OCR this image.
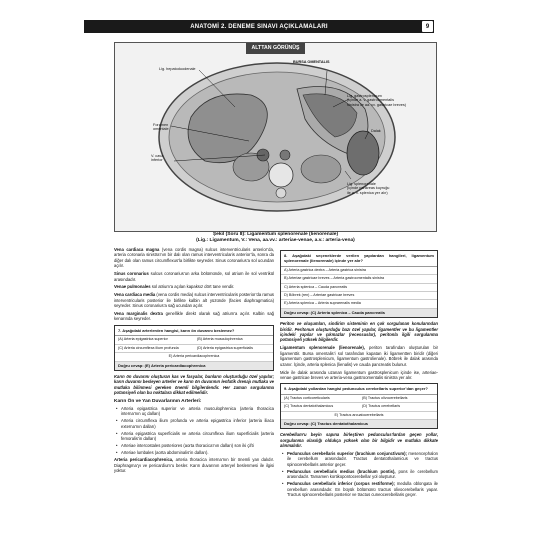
ANATOMİ 2. DENEME SINAVI AÇIKLAMALARI	9
ALTTAN GÖRÜNÜŞ
BURSA OMENTALIS
Lig. hepatoduodenale
Lig. gastrosplenicum
(içinde a. v. gastroomentalis
sinistra ile aa. vv. gastricae breves)
Foramen
omentale	Dalak
V. cava
inferior
Lig. splenorenale
(içinde pankreas kuyruğu
ile a. v. splenica yer alır)
Şekil (Soru 8): Ligamentum splenorenale (lienorenale)
(Lig.: Ligamentum, V.: Vena, aa.vv.: arteriae-venae, a.v.: arteria-vena)

Vena cardiaca magna (vena cordis magna) sulcus interventricularis anterior’da, arteria coronaria sinistra’nın bir dalı olan ramus interventricularis anterior’la, sonra da diğer dalı olan ramus circumflexus’la birlikte seyreder. Sinus coronarius’a sol ucundan açılır.

Sinus coronarius sulcus coronarius’un arka bölümünde, sol atrium ile sol ventrikül arasındadır.

Venae pulmonales sol atrium’a açılan kapaksız dört tane vendir.

Vena cardiaca media (vena cordis media) sulcus interventricularis posterior’da ramus interventricularis posterior ile birlikte kalbin alt yüzünde (facies diaphragmatica) seyreder. Sinus coronarius’a sağ ucundan açılır.

Vena marginalis dextra genellikle direkt olarak sağ atrium’a açılır. Kalbin sağ kenarında seyreder.

7. Aşağıdaki arterlerden hangisi, karın ön duvarını beslemez?
(A) Arteria epigastrica superior	(B) Arteria musculophrenica
(C) Arteria circumflexa ilium profunda	(D) Arteria epigastrica superficialis
E) Arteria pericardiacophrenica
Doğru cevap: (E) Arteria pericardiacophrenica

Karın ön duvarını oluşturan kas ve fasyalar, bunların oluşturduğu özel yapılar; karın duvarını besleyen arterler ve karın ön duvarının lenfatik drenajı mutlaka ve mutlaka bilinmesi gereken önemli bilgilerdendir. Her zaman sorgulanma potansiyeli olan bu noktalara dikkat edilmelidir.

Karın Ön ve Yan Duvarlarının Arterleri:
• Arteria epigastrica superior ve arteria musculophrenica (arteria thoracica interna’nın uç dalları)
• Arteria circumflexa ilium profunda ve arteria epigastrica inferior (arteria iliaca externa’nın dalları)
• Arteria epigastrica superficialis ve arteria circumflexa ilium superficialis (arteria femoralis’in dalları)
• Arteriae intercostales posteriores (aorta thoracica’nın dalları) son iki çifti
• Arteriae lumbales (aorta abdominalis’in dalları).

Arteria pericardiacophrenica, arteria thoracica interna’nın bir önemli yan dalıdır. Diaphragma’yı ve pericardium’u besler. Karın duvarının arteryel beslenmesi ile ilgisi yoktur.

8. Aşağıdaki seçeneklerde verilen yapılardan hangileri, ligamentum splenorenale (lienorenale) içinde yer alır?
A) Arteria gastrica dextra – Arteria gastrica sinistra
B) Arteriae gastricae breves – Arteria gastroomentalis sinistra
C) Arteria splenica – Cauda pancreatis
D) Böbrek (ren) – Arteriae gastricae breves
E) Arteria splenica – Arteria suprarenalis media
Doğru cevap: (C) Arteria splenica – Cauda pancreatis

Periton ve oluşumları, sindirim sisteminin en çok sorgulanan konularından biridir. Peritonun oluşturduğu bazı özel yapılar, ligamentler ve bu ligamentler içindeki yapılar ve çıkmazlar (recessuslar), peritonla ilgili sorgulanma potansiyeli yüksek bilgilerdir.

Ligamentum splenorenale (lienorenale), periton tarafından oluşturulan bir ligamenttir. Bursa omentalis’i sol tarafından kapatan iki ligamentten biridir (diğeri ligamentum gastrosplenicum, ligamentum gastrolienale). Böbrek ile dalak arasında uzanır. İçinde, arteria splenica (lienalis) ve cauda pancreatis bulunur.

Mide ile dalak arasında uzanan ligamentum gastrosplenicum içinde ise, arteriae-venae gastricae breves ve arteria-vena gastroomentalis sinistra yer alır.

9. Aşağıdaki yollardan hangisi pedunculus cerebellaris superior’dan geçer?
(A) Tractus corticoreticularis	(B) Tractus olivocerebellaris
(C) Tractus dentatothalamicus	(D) Tractus cerebellaris
E) Tractus arcuatocerebellaris
Doğru cevap: (C) Tractus dentatothalamicus

Cerebellum’u beyin sapına birleştiren pedunculus’lardan geçen yollar, sorgulanma olasılığı oldukça yüksek olan bir bilgidir ve mutlaka dikkate alınmalıdır.

• Pedunculus cerebellaris superior (brachium conjunctivum); mesencephalon ile cerebellum arasındadır. Tractus dentatothalamicus ve tractus spinocerebellaris anterior geçer.
• Pedunculus cerebellaris medius (brachium pontis), pons ile cerebellum arasındadır. Tamamen kortikopontocerebellar yol oluşturur.
• Pedunculus cerebellaris inferior (corpus restiforme); medulla oblongata ile cerebellum arasındadır. En büyük bölümünü tractus olivocerebellaris yapar. Tractus spinocerebellaris posterior ve tractus cuneocerebellaris geçer.
